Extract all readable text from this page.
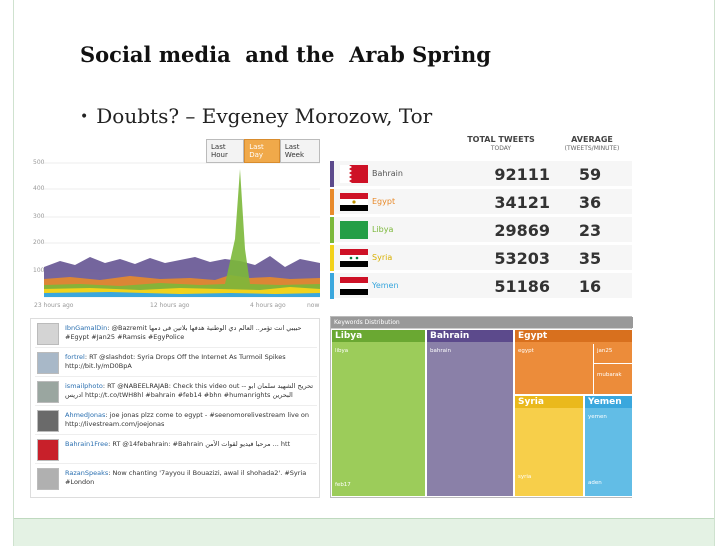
Social media  and the  Arab Spring
• Doubts? – Evgeney Morozow, Tor
Last Hour
Last Day
Last Week
500
400
300
200
100
23 hours ago	12 hours ago	4 hours ago	now
IbnGamalDin: @Bazremit حبيبي انت تؤمر.. العالم دي الوطنية هدفها بلاتين فى دمها #Egypt #Jan25 #Ramsis #EgyPolice
fortrel: RT @slashdot: Syria Drops Off the Internet As Turmoil Spikes http://bit.ly/mD0BpA
ismailphoto: RT @NABEELRAJAB: Check this video out -- تحريح الشهيد سلمان ابو ادريس http://t.co/tWH8hl #bahrain #feb14 #bhn #humanrights البحرين
AhmedJonas: joe jonas plzz come to egypt - #seenomorelivestream live on http://livestream.com/joejonas
Bahrain1Free: RT @14febahrain: #Bahrain مرحبا فيديو لقوات الأمن ... htt
RazanSpeaks: Now chanting '7ayyou il Bouazizi, awal il shohada2'. #Syria #London
TOTAL TWEETS
TODAY
AVERAGE
(TWEETS/MINUTE)
Bahrain	92111	59
Egypt	34121	36
Libya	29869	23
Syria	53203	35
Yemen	51186	16
Keywords Distribution
Libya
libya
feb17
Bahrain
bahrain
Egypt
egypt	jan25
mubarak
Syria
syria
Yemen
yemen
aden
